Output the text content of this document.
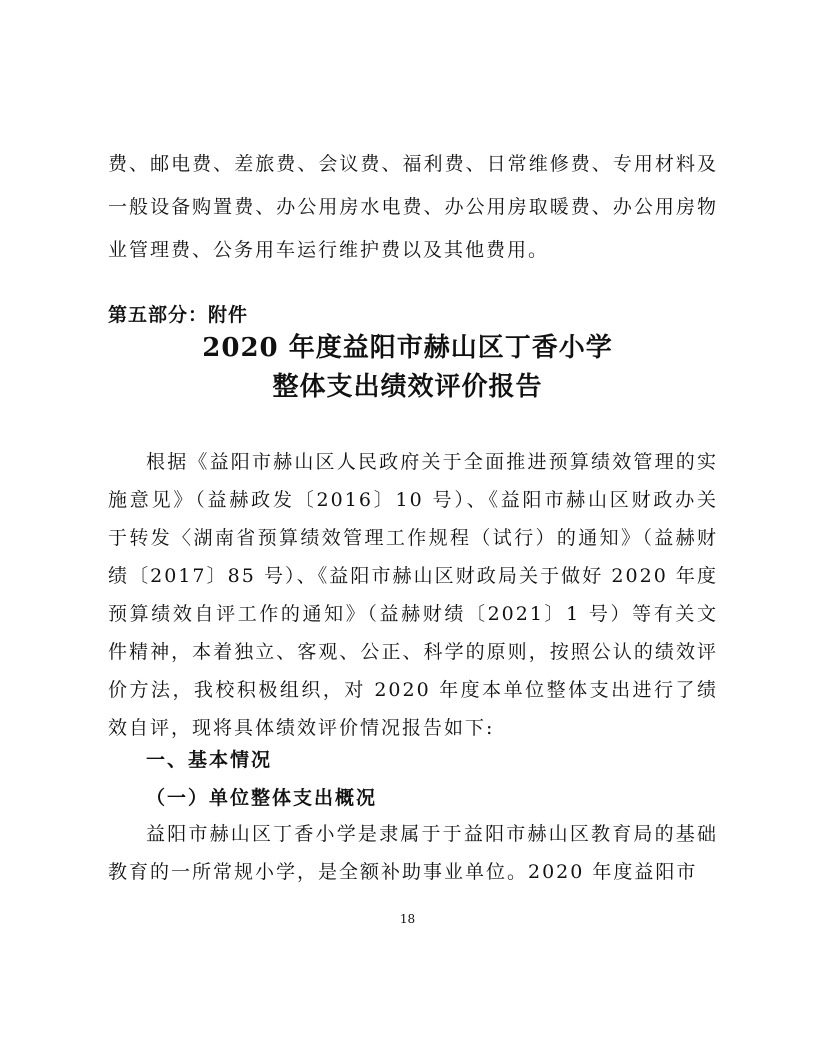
费、邮电费、差旅费、会议费、福利费、日常维修费、专用材料及一般设备购置费、办公用房水电费、办公用房取暖费、办公用房物业管理费、公务用车运行维护费以及其他费用。

第五部分：附件

2020 年度益阳市赫山区丁香小学
整体支出绩效评价报告

根据《益阳市赫山区人民政府关于全面推进预算绩效管理的实施意见》（益赫政发〔2016〕10 号）、《益阳市赫山区财政办关于转发〈湖南省预算绩效管理工作规程（试行）的通知》（益赫财绩〔2017〕85 号）、《益阳市赫山区财政局关于做好 2020 年度预算绩效自评工作的通知》（益赫财绩〔2021〕1 号）等有关文件精神，本着独立、客观、公正、科学的原则，按照公认的绩效评价方法，我校积极组织，对 2020 年度本单位整体支出进行了绩效自评，现将具体绩效评价情况报告如下:

一、基本情况
（一）单位整体支出概况

益阳市赫山区丁香小学是隶属于于益阳市赫山区教育局的基础教育的一所常规小学，是全额补助事业单位。2020 年度益阳市

18
